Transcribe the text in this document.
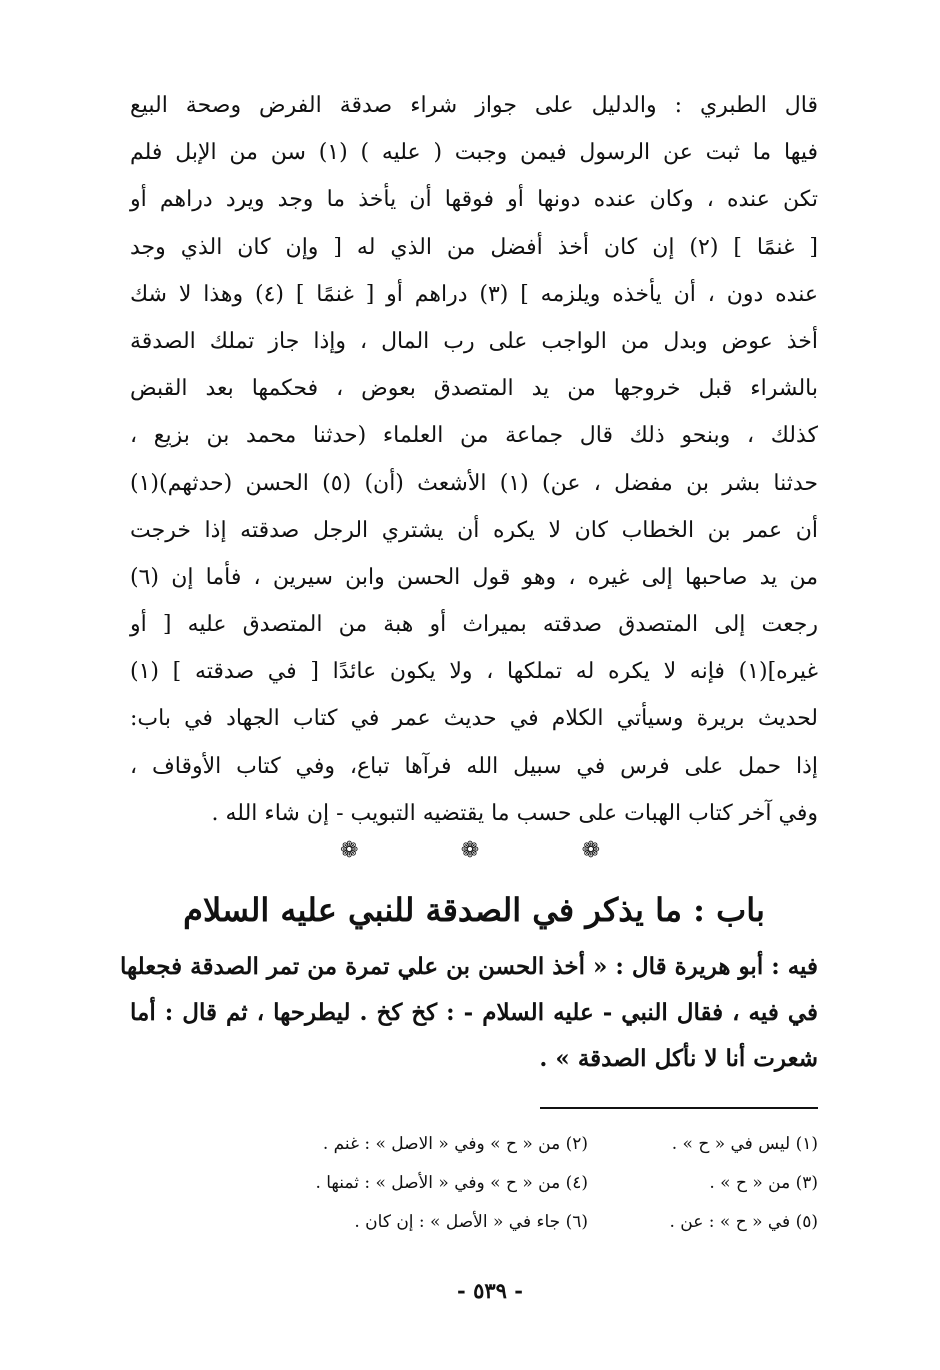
قال الطبري : والدليل على جواز شراء صدقة الفرض وصحة البيع
فيها ما ثبت عن الرسول فيمن وجبت ( عليه ) (١) سن من الإبل فلم
تكن عنده ، وكان عنده دونها أو فوقها أن يأخذ ما وجد ويرد دراهم أو
[ غنمًا ] (٢) إن كان أخذ أفضل من الذي له [ وإن كان الذي وجد
عنده دون ، أن يأخذه ويلزمه ] (٣) دراهم أو [ غنمًا ] (٤) وهذا لا شك
أخذ عوض وبدل من الواجب على رب المال ، وإذا جاز تملك الصدقة
بالشراء قبل خروجها من يد المتصدق بعوض ، فحكمها بعد القبض
كذلك ، وبنحو ذلك قال جماعة من العلماء (حدثنا محمد بن بزيع ،
حدثنا بشر بن مفضل ، عن) (١) الأشعث (أن) (٥) الحسن (حدثهم)(١)
أن عمر بن الخطاب كان لا يكره أن يشتري الرجل صدقته إذا خرجت
من يد صاحبها إلى غيره ، وهو قول الحسن وابن سيرين ، فأما إن (٦)
رجعت إلى المتصدق صدقته بميراث أو هبة من المتصدق عليه [ أو
غيره](١) فإنه لا يكره له تملكها ، ولا يكون عائدًا [ في صدقته ] (١)
لحديث بريرة وسيأتي الكلام في حديث عمر في كتاب الجهاد في باب:
إذا حمل على فرس في سبيل الله فرآها تباع، وفي كتاب الأوقاف ،
وفي آخر كتاب الهبات على حسب ما يقتضيه التبويب - إن شاء الله .
❁
❁
❁
باب : ما يذكر في الصدقة للنبي عليه السلام
فيه : أبو هريرة قال : « أخذ الحسن بن علي تمرة من تمر الصدقة فجعلها
في فيه ، فقال النبي - عليه السلام - : كخ كخ . ليطرحها ، ثم قال : أما
شعرت أنا لا نأكل الصدقة » .
(١) ليس في « ح » .
(٢) من « ح » وفي « الاصل » : غنم .
(٣) من « ح » .
(٤) من « ح » وفي « الأصل » : ثمنها .
(٥) في « ح » : عن .
(٦) جاء في « الأصل » : إن كان .
- ٥٣٩ -
